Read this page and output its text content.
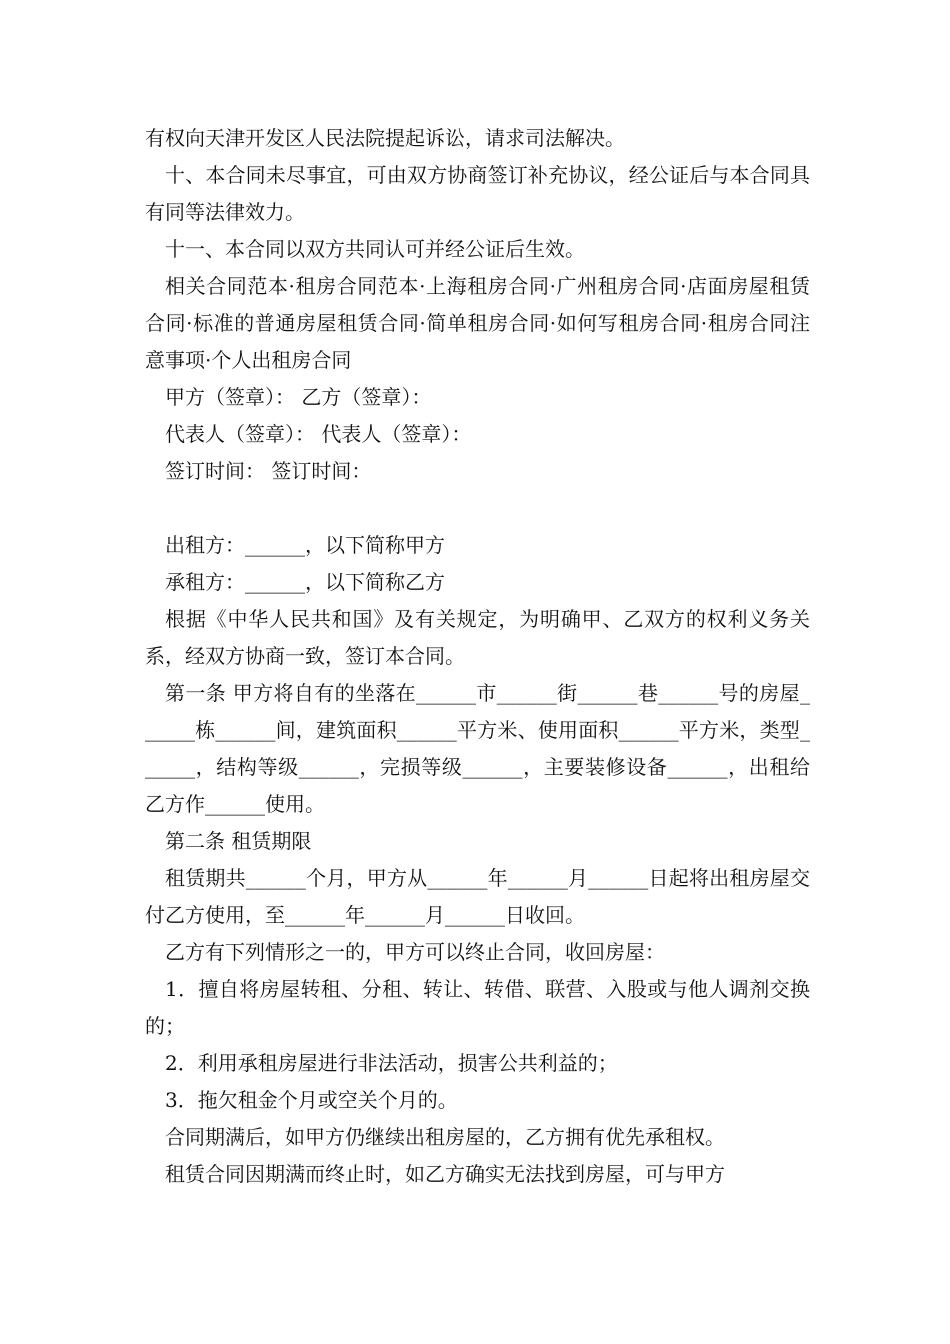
有权向天津开发区人民法院提起诉讼，请求司法解决。

十、本合同未尽事宜，可由双方协商签订补充协议，经公证后与本合同具有同等法律效力。

十一、本合同以双方共同认可并经公证后生效。

相关合同范本·租房合同范本·上海租房合同·广州租房合同·店面房屋租赁合同·标准的普通房屋租赁合同·简单租房合同·如何写租房合同·租房合同注意事项·个人出租房合同

甲方（签章）： 乙方（签章）：

代表人（签章）： 代表人（签章）：

签订时间： 签订时间：

出租方：______，以下简称甲方

承租方：______，以下简称乙方

根据《中华人民共和国》及有关规定，为明确甲、乙双方的权利义务关系，经双方协商一致，签订本合同。

第一条 甲方将自有的坐落在______市______街______巷______号的房屋______栋______间，建筑面积______平方米、使用面积______平方米，类型______，结构等级______，完损等级______，主要装修设备______，出租给乙方作______使用。

第二条 租赁期限

租赁期共______个月，甲方从______年______月______日起将出租房屋交付乙方使用，至______年______月______日收回。

乙方有下列情形之一的，甲方可以终止合同，收回房屋：

1．擅自将房屋转租、分租、转让、转借、联营、入股或与他人调剂交换的；

2．利用承租房屋进行非法活动，损害公共利益的；

3．拖欠租金个月或空关个月的。

合同期满后，如甲方仍继续出租房屋的，乙方拥有优先承租权。

租赁合同因期满而终止时，如乙方确实无法找到房屋，可与甲方
